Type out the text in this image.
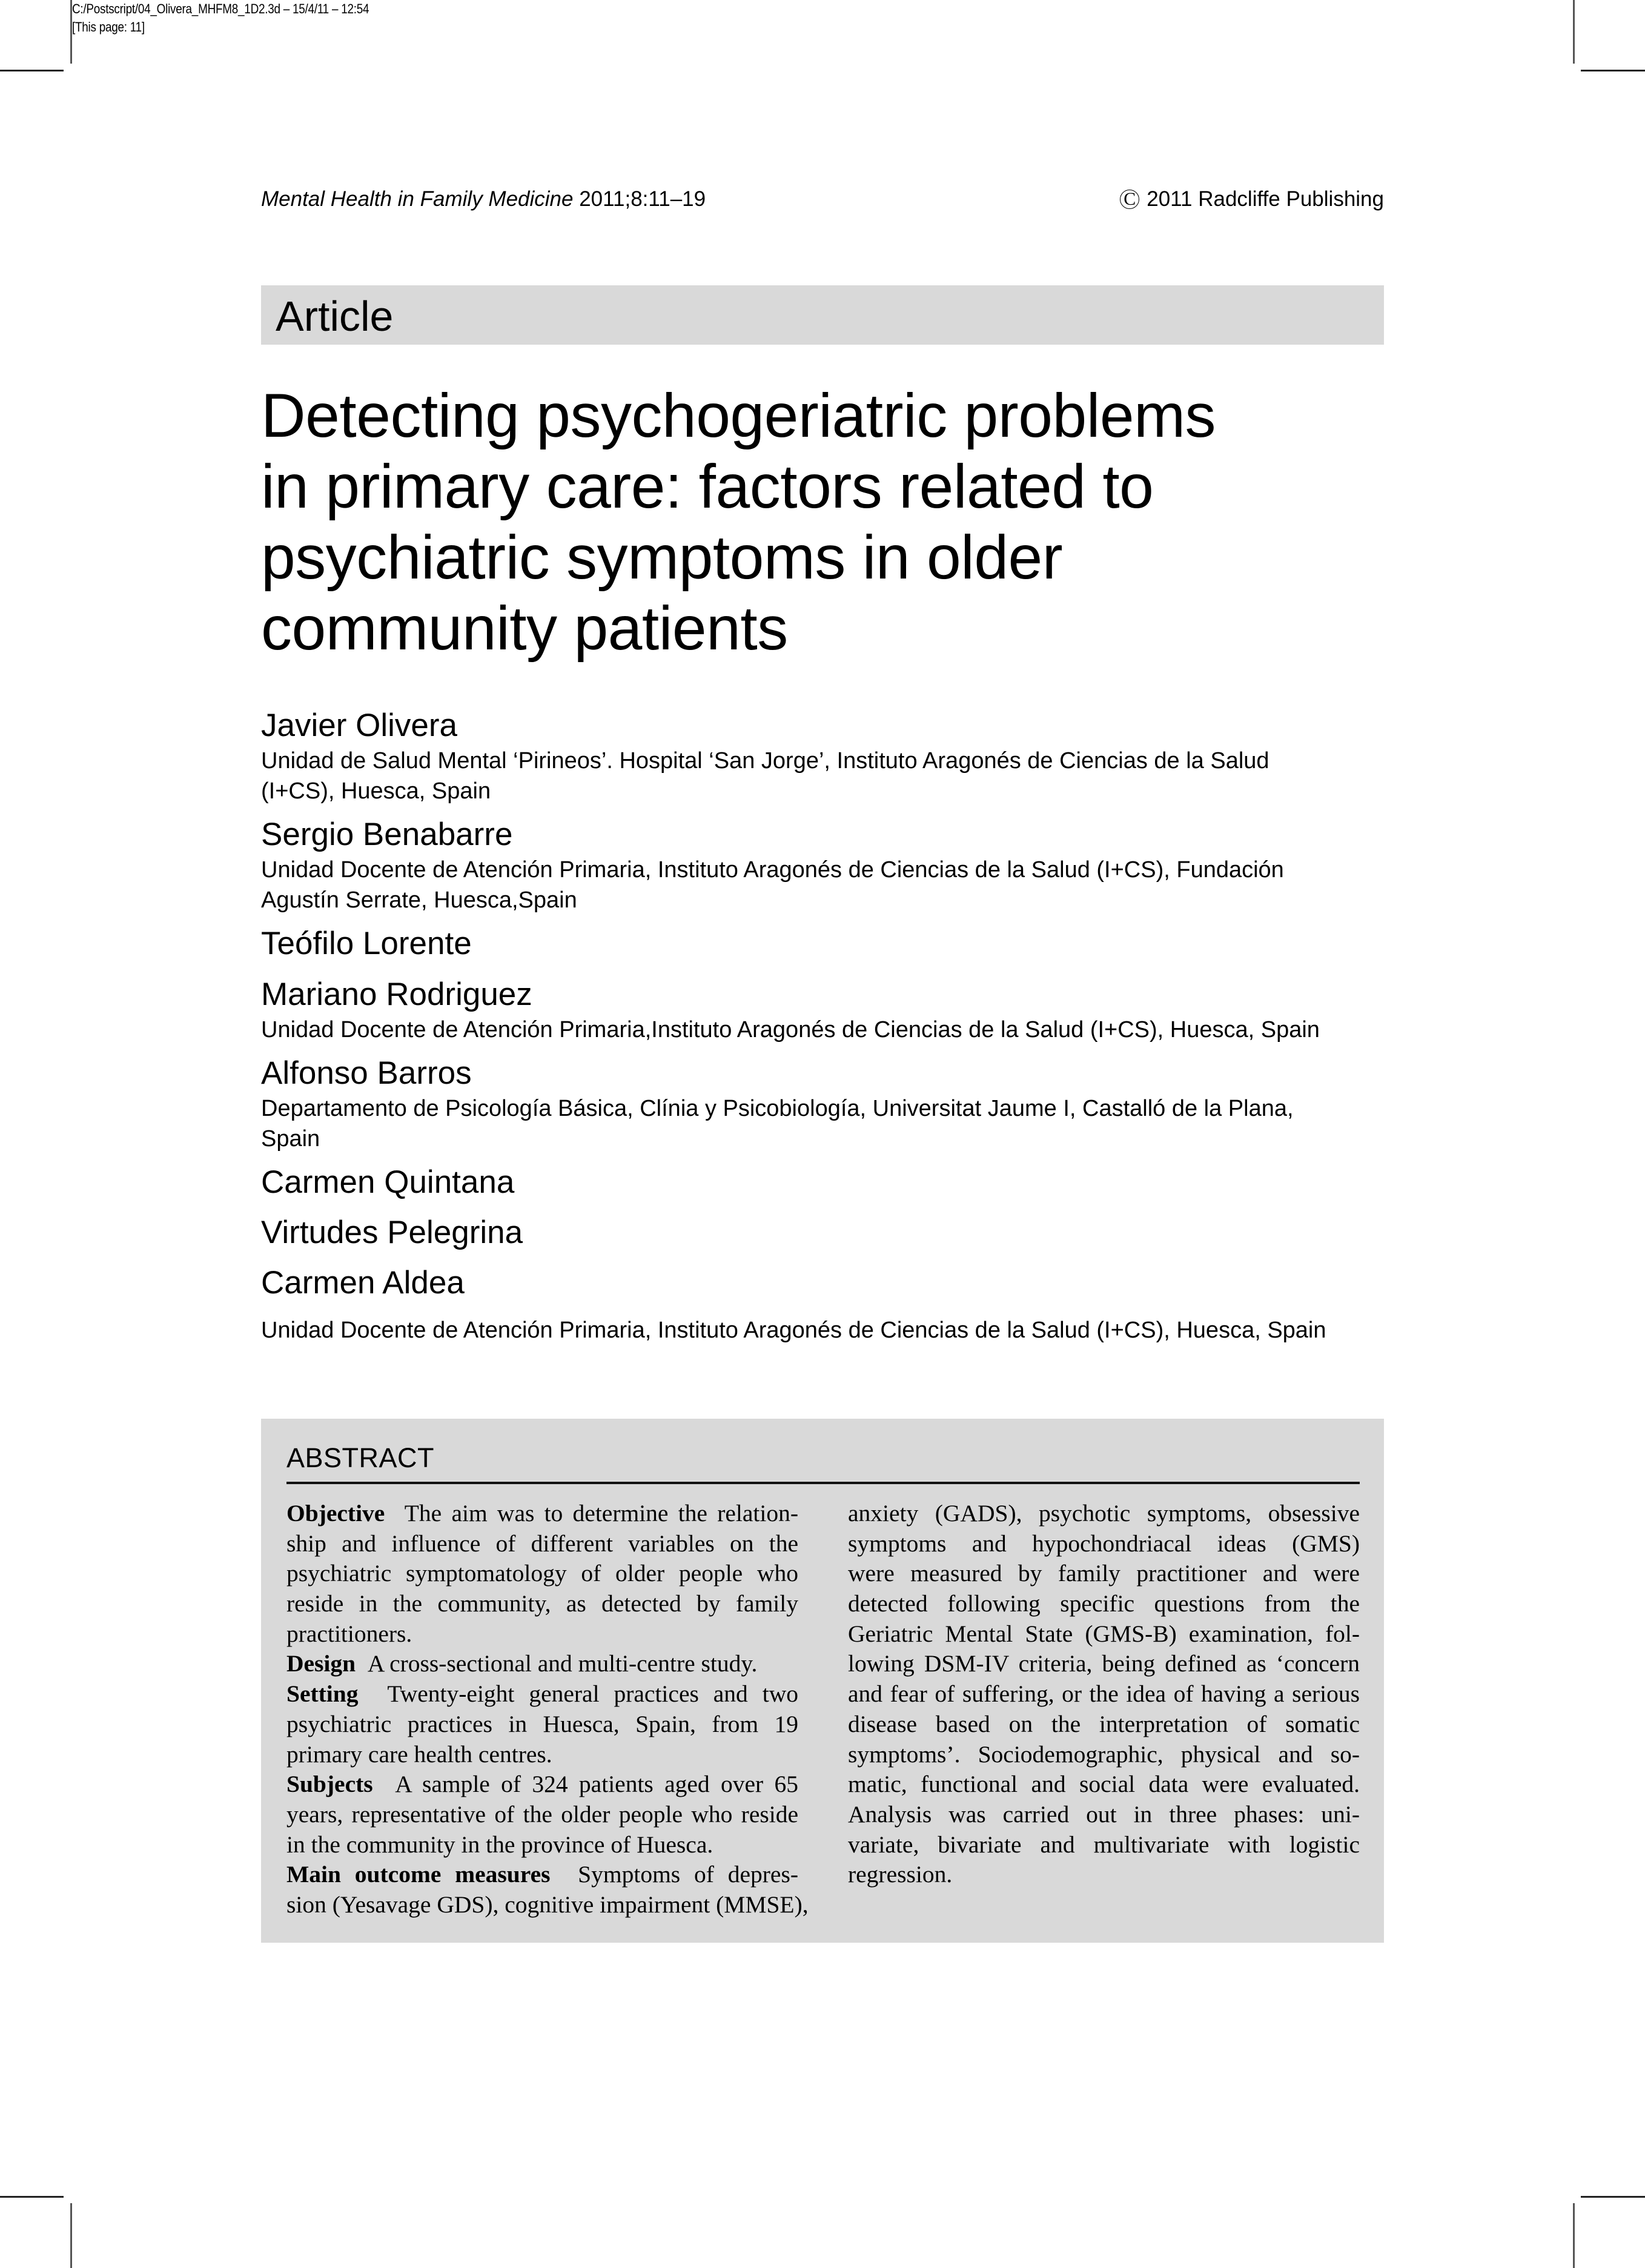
C:/Postscript/04_Olivera_MHFM8_1D2.3d – 15/4/11 – 12:54
[This page: 11]
Mental Health in Family Medicine 2011;8:11–19	C 2011 Radcliffe Publishing
Article
Detecting psychogeriatric problems
in primary care: factors related to
psychiatric symptoms in older
community patients
Javier Olivera
Unidad de Salud Mental ‘Pirineos’. Hospital ‘San Jorge’, Instituto Aragonés de Ciencias de la Salud
(I+CS), Huesca, Spain
Sergio Benabarre
Unidad Docente de Atención Primaria, Instituto Aragonés de Ciencias de la Salud (I+CS), Fundación
Agustín Serrate, Huesca,Spain
Teófilo Lorente
Mariano Rodriguez
Unidad Docente de Atención Primaria,Instituto Aragonés de Ciencias de la Salud (I+CS), Huesca, Spain
Alfonso Barros
Departamento de Psicología Básica, Clínia y Psicobiología, Universitat Jaume I, Castalló de la Plana,
Spain
Carmen Quintana
Virtudes Pelegrina
Carmen Aldea
Unidad Docente de Atención Primaria, Instituto Aragonés de Ciencias de la Salud (I+CS), Huesca, Spain
ABSTRACT
Objective  The aim was to determine the relation-
ship and influence of different variables on the
psychiatric symptomatology of older people who
reside in the community, as detected by family
practitioners.
Design  A cross-sectional and multi-centre study.
Setting  Twenty-eight general practices and two
psychiatric practices in Huesca, Spain, from 19
primary care health centres.
Subjects  A sample of 324 patients aged over 65
years, representative of the older people who reside
in the community in the province of Huesca.
Main outcome measures  Symptoms of depres-
sion (Yesavage GDS), cognitive impairment (MMSE),
anxiety (GADS), psychotic symptoms, obsessive
symptoms and hypochondriacal ideas (GMS)
were measured by family practitioner and were
detected following specific questions from the
Geriatric Mental State (GMS-B) examination, fol-
lowing DSM-IV criteria, being defined as ‘concern
and fear of suffering, or the idea of having a serious
disease based on the interpretation of somatic
symptoms’. Sociodemographic, physical and so-
matic, functional and social data were evaluated.
Analysis was carried out in three phases: uni-
variate, bivariate and multivariate with logistic
regression.
